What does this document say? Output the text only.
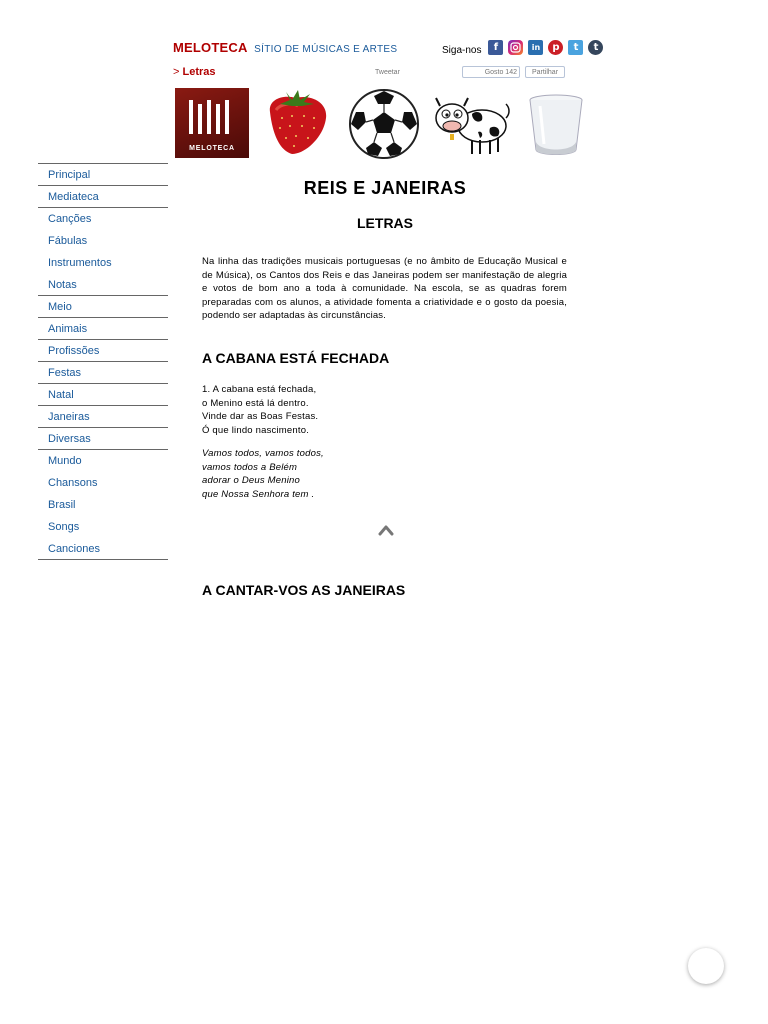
MELOTECA SÍTIO DE MÚSICAS E ARTES	Siga-nos	f	in	p	t	t
> Letras	Tweetar	Gosto 142	Partilhar
MELOTECA
Principal
Mediateca
Canções
Fábulas
Instrumentos
Notas
Meio
Animais
Profissões
Festas
Natal
Janeiras
Diversas
Mundo
Chansons
Brasil
Songs
Canciones
REIS E JANEIRAS
LETRAS

Na linha das tradições musicais portuguesas (e no âmbito de Educação Musical e de Música), os Cantos dos Reis e das Janeiras podem ser manifestação de alegria e votos de bom ano a toda à comunidade. Na escola, se as quadras forem preparadas com os alunos, a atividade fomenta a criatividade e o gosto da poesia, podendo ser adaptadas às circunstâncias.

A CABANA ESTÁ FECHADA
1. A cabana está fechada,
o Menino está lá dentro.
Vinde dar as Boas Festas.
Ó que lindo nascimento.
Vamos todos, vamos todos,
vamos todos a Belém
adorar o Deus Menino
que Nossa Senhora tem .
A CANTAR-VOS AS JANEIRAS
